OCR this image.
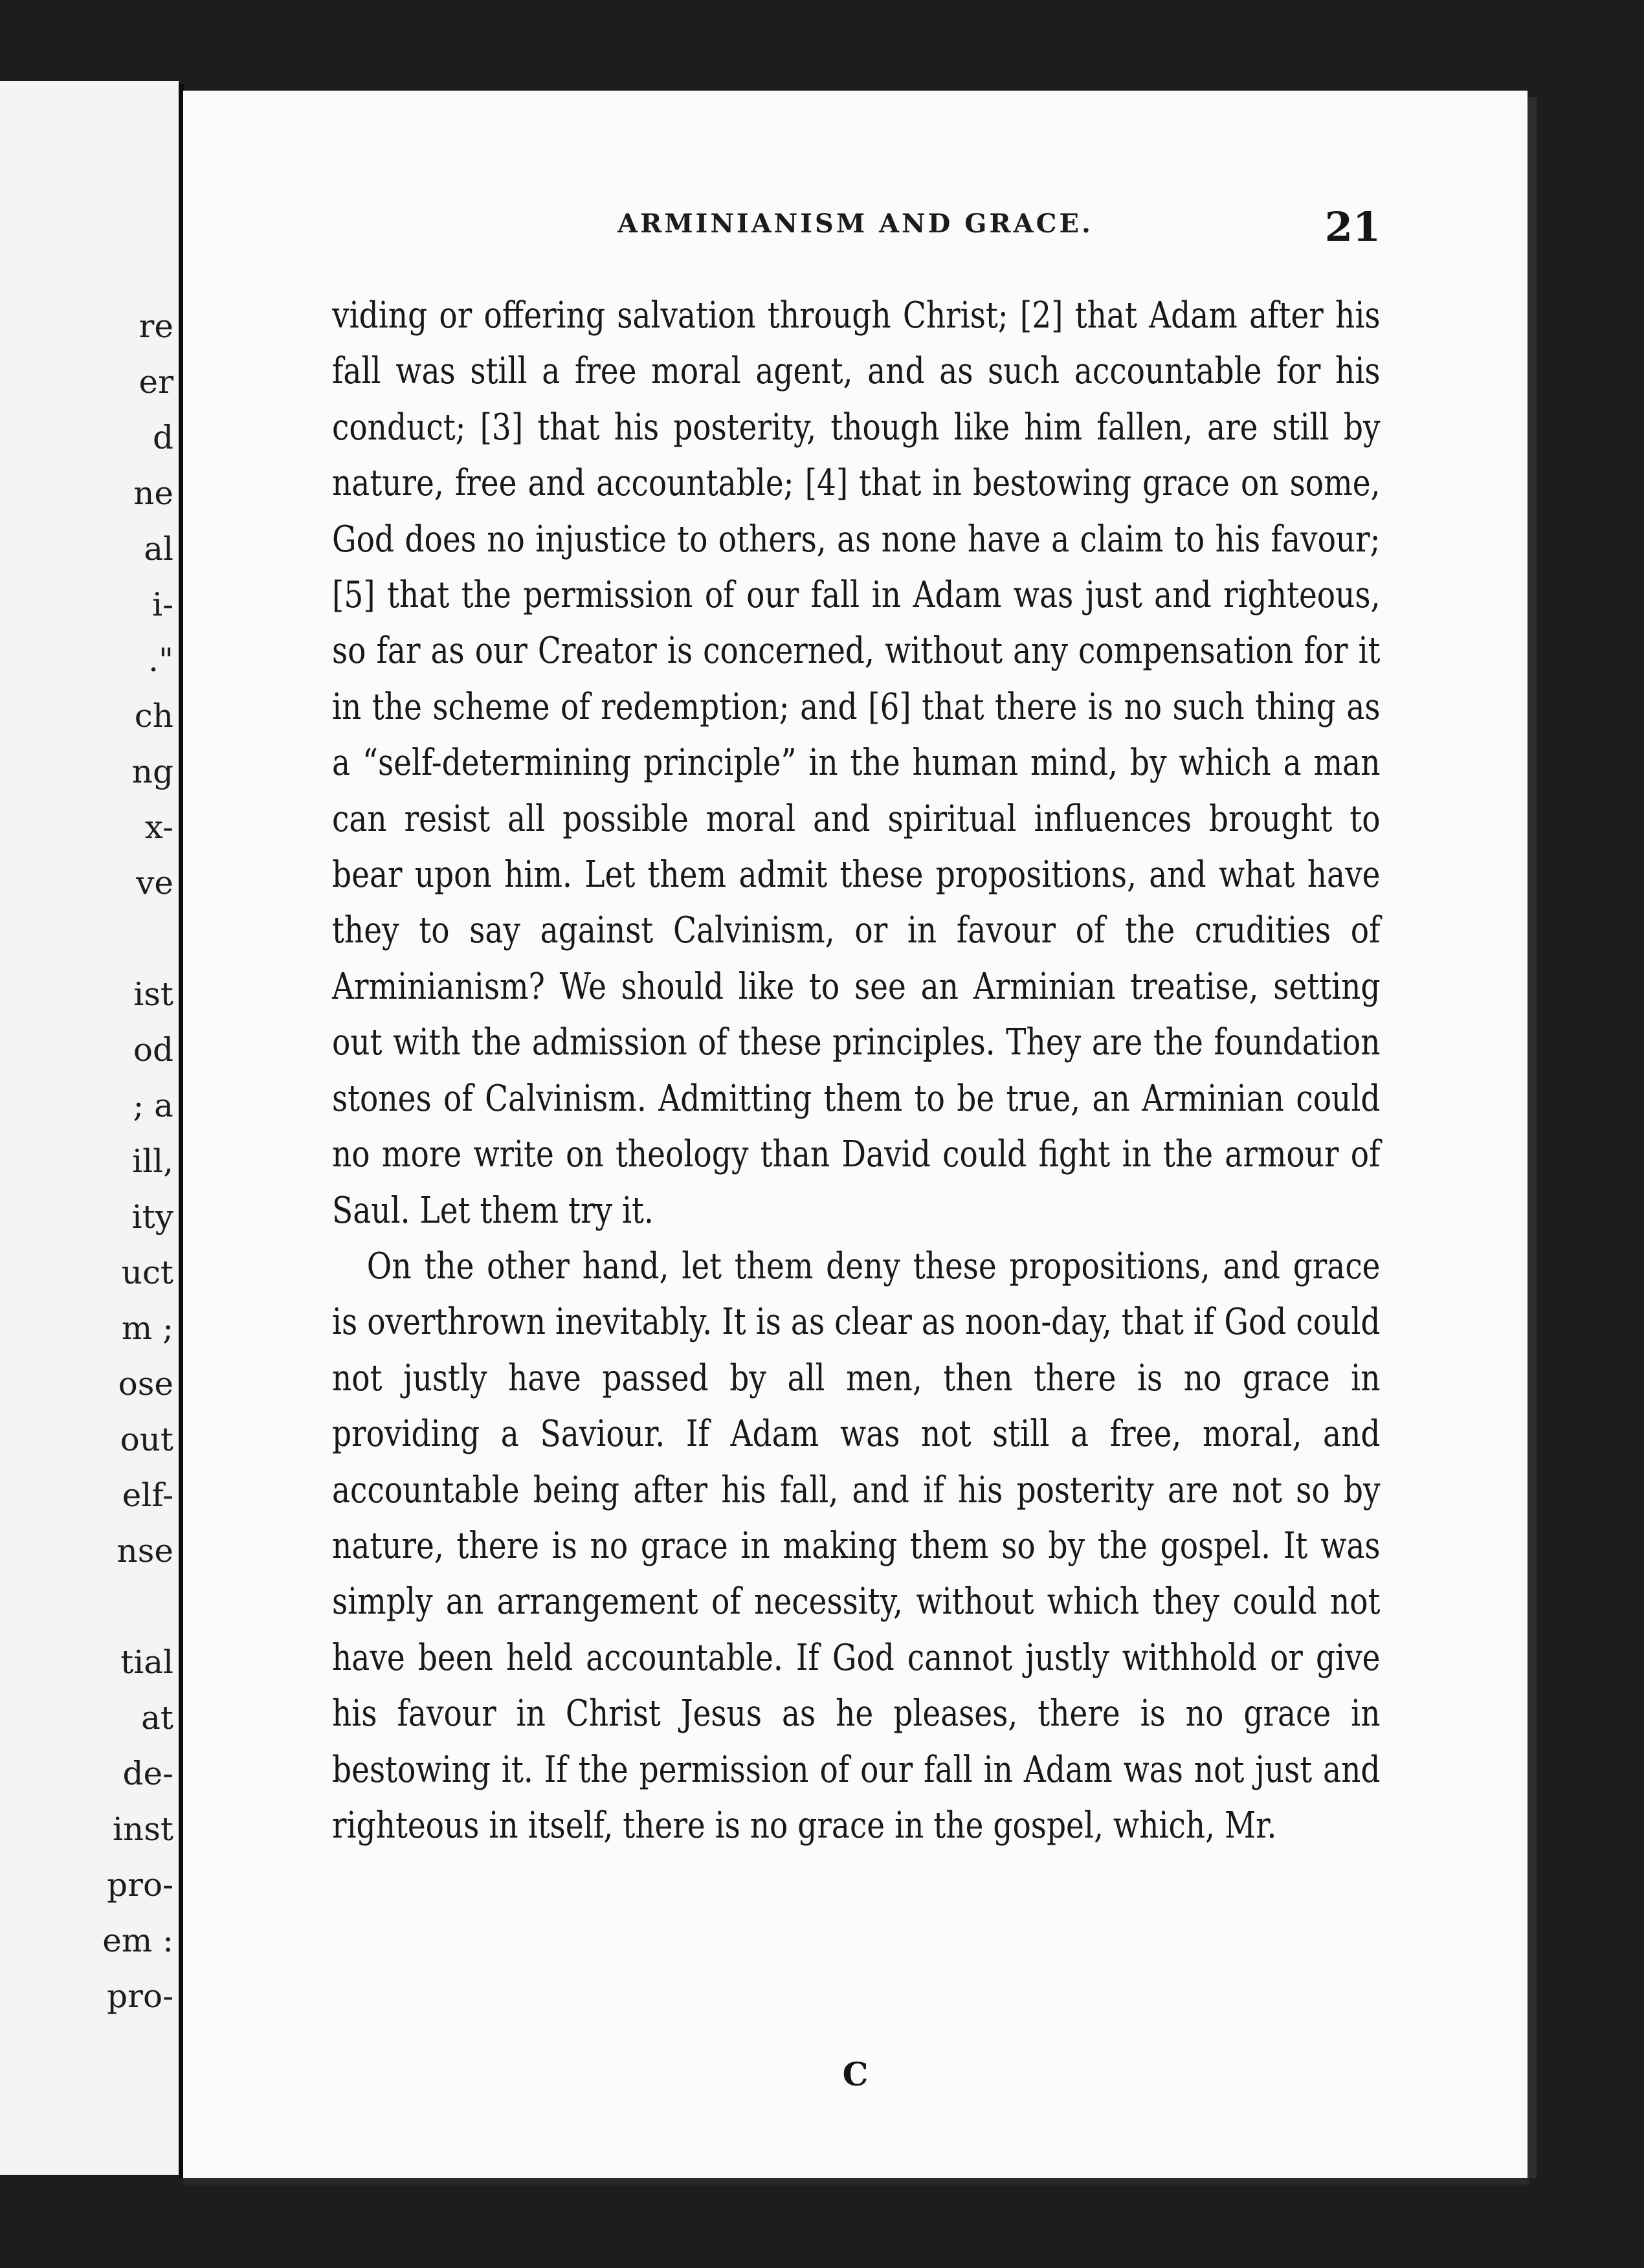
re
er
d
ne
al
i-
."
ch
ng
x-
ve
ist
od
; a
ill,
ity
uct
m ;
ose
out
elf-
nse
tial
at
de-
inst
pro-
em :
pro-
ARMINIANISM AND GRACE.	21

viding or offering salvation through Christ; [2] that Adam after his fall was still a free moral agent, and as such accountable for his conduct; [3] that his posterity, though like him fallen, are still by nature, free and accountable; [4] that in bestowing grace on some, God does no injustice to others, as none have a claim to his favour; [5] that the permission of our fall in Adam was just and righteous, so far as our Creator is concerned, without any compensation for it in the scheme of redemption; and [6] that there is no such thing as a “self-determining principle” in the human mind, by which a man can resist all possible moral and spiritual influences brought to bear upon him. Let them admit these propositions, and what have they to say against Calvinism, or in favour of the crudities of Arminianism? We should like to see an Arminian treatise, setting out with the admission of these principles. They are the foundation stones of Calvinism. Admitting them to be true, an Arminian could no more write on theology than David could fight in the armour of Saul. Let them try it.

On the other hand, let them deny these propositions, and grace is overthrown inevitably. It is as clear as noon-day, that if God could not justly have passed by all men, then there is no grace in providing a Saviour. If Adam was not still a free, moral, and accountable being after his fall, and if his posterity are not so by nature, there is no grace in making them so by the gospel. It was simply an arrangement of necessity, without which they could not have been held accountable. If God cannot justly withhold or give his favour in Christ Jesus as he pleases, there is no grace in bestowing it. If the permission of our fall in Adam was not just and righteous in itself, there is no grace in the gospel, which, Mr.

C
